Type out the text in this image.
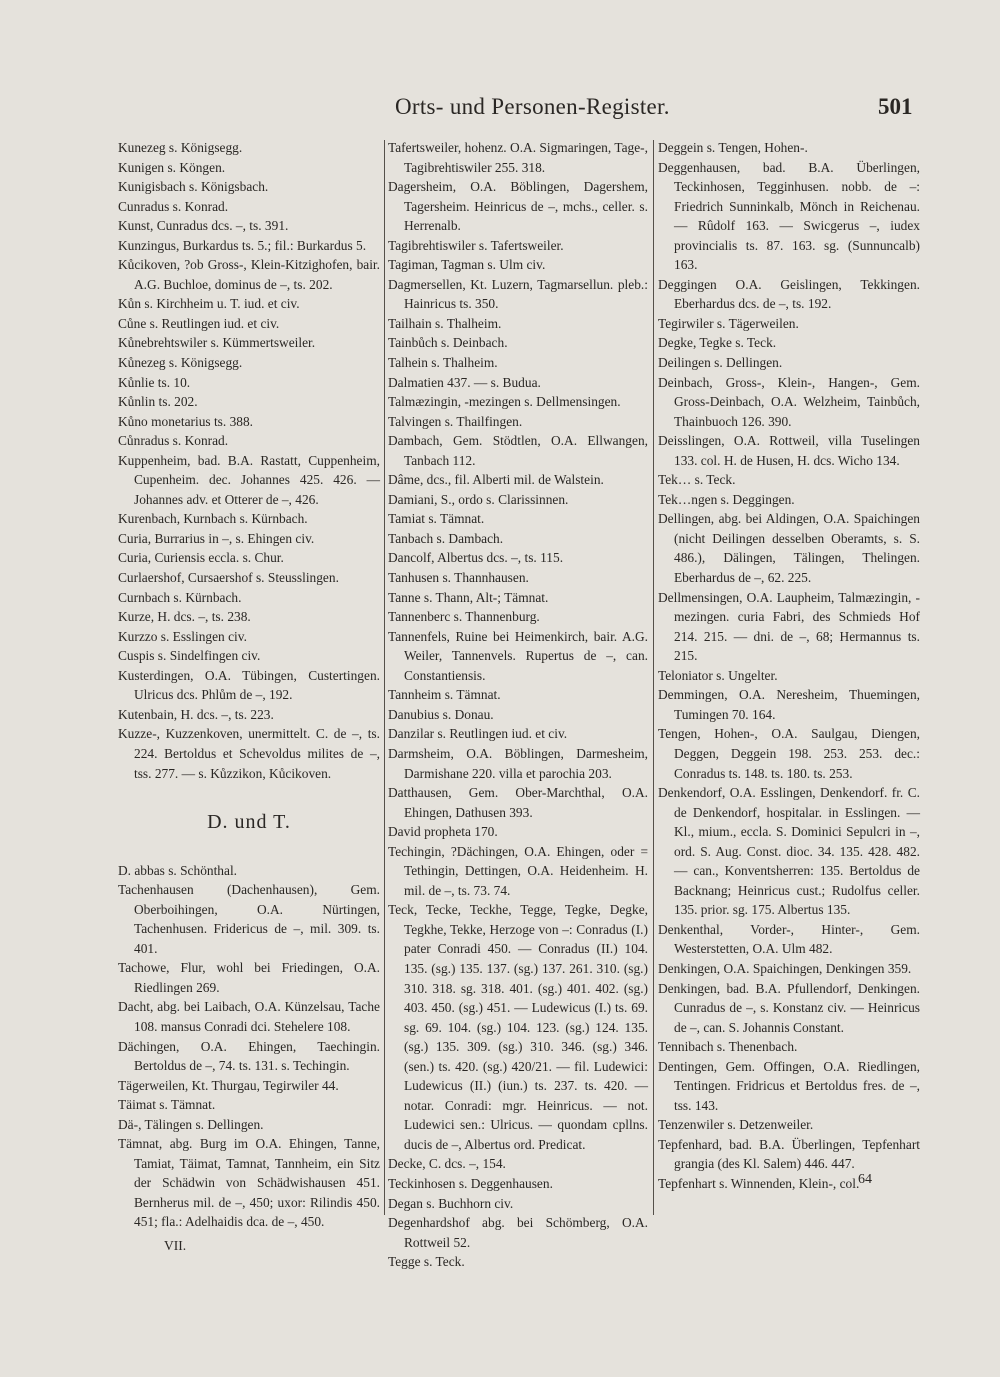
Orts- und Personen-Register.	501

Kunezeg s. Königsegg.

Kunigen s. Köngen.

Kunigisbach s. Königsbach.

Cunradus s. Konrad.

Kunst, Cunradus dcs. –, ts. 391.

Kunzingus, Burkardus ts. 5.; fil.: Burkardus 5.

Kůcikoven, ?ob Gross-, Klein-Kitzighofen, bair. A.G. Buchloe, dominus de –, ts. 202.

Kůn s. Kirchheim u. T. iud. et civ.

Cůne s. Reutlingen iud. et civ.

Kůnebrehtswiler s. Kümmertsweiler.

Kůnezeg s. Königsegg.

Kůnlie ts. 10.

Kůnlin ts. 202.

Kůno monetarius ts. 388.

Cůnradus s. Konrad.

Kuppenheim, bad. B.A. Rastatt, Cuppenheim, Cupenheim. dec. Johannes 425. 426. — Johannes adv. et Otterer de –, 426.

Kurenbach, Kurnbach s. Kürnbach.

Curia, Burrarius in –, s. Ehingen civ.

Curia, Curiensis eccla. s. Chur.

Curlaershof, Cursaershof s. Steusslingen.

Curnbach s. Kürnbach.

Kurze, H. dcs. –, ts. 238.

Kurzzo s. Esslingen civ.

Cuspis s. Sindelfingen civ.

Kusterdingen, O.A. Tübingen, Custertingen. Ulricus dcs. Phlům de –, 192.

Kutenbain, H. dcs. –, ts. 223.

Kuzze-, Kuzzenkoven, unermittelt. C. de –, ts. 224. Bertoldus et Schevoldus milites de –, tss. 277. — s. Kůzzikon, Kůcikoven.

D. und T.

D. abbas s. Schönthal.

Tachenhausen (Dachenhausen), Gem. Oberboihingen, O.A. Nürtingen, Tachenhusen. Fridericus de –, mil. 309. ts. 401.

Tachowe, Flur, wohl bei Friedingen, O.A. Riedlingen 269.

Dacht, abg. bei Laibach, O.A. Künzelsau, Tache 108. mansus Conradi dci. Stehelere 108.

Dächingen, O.A. Ehingen, Taechingin. Bertoldus de –, 74. ts. 131. s. Techingin.

Tägerweilen, Kt. Thurgau, Tegirwiler 44.

Täimat s. Tämnat.

Dä-, Tälingen s. Dellingen.

Tämnat, abg. Burg im O.A. Ehingen, Tanne, Tamiat, Täimat, Tamnat, Tannheim, ein Sitz der Schädwin von Schädwishausen 451. Bernherus mil. de –, 450; uxor: Rilindis 450. 451; fla.: Adelhaidis dca. de –, 450.

VII.

Tafertsweiler, hohenz. O.A. Sigmaringen, Tage-, Tagibrehtiswiler 255. 318.

Dagersheim, O.A. Böblingen, Dagershem, Tagersheim. Heinricus de –, mchs., celler. s. Herrenalb.

Tagibrehtiswiler s. Tafertsweiler.

Tagiman, Tagman s. Ulm civ.

Dagmersellen, Kt. Luzern, Tagmarsellun. pleb.: Hainricus ts. 350.

Tailhain s. Thalheim.

Tainbůch s. Deinbach.

Talhein s. Thalheim.

Dalmatien 437. — s. Budua.

Talmæzingin, -mezingen s. Dellmensingen.

Talvingen s. Thailfingen.

Dambach, Gem. Stödtlen, O.A. Ellwangen, Tanbach 112.

Dâme, dcs., fil. Alberti mil. de Walstein.

Damiani, S., ordo s. Clarissinnen.

Tamiat s. Tämnat.

Tanbach s. Dambach.

Dancolf, Albertus dcs. –, ts. 115.

Tanhusen s. Thannhausen.

Tanne s. Thann, Alt-; Tämnat.

Tannenberc s. Thannenburg.

Tannenfels, Ruine bei Heimenkirch, bair. A.G. Weiler, Tannenvels. Rupertus de –, can. Constantiensis.

Tannheim s. Tämnat.

Danubius s. Donau.

Danzilar s. Reutlingen iud. et civ.

Darmsheim, O.A. Böblingen, Darmesheim, Darmishane 220. villa et parochia 203.

Datthausen, Gem. Ober-Marchthal, O.A. Ehingen, Dathusen 393.

David propheta 170.

Techingin, ?Dächingen, O.A. Ehingen, oder = Tethingin, Dettingen, O.A. Heidenheim. H. mil. de –, ts. 73. 74.

Teck, Tecke, Teckhe, Tegge, Tegke, Degke, Tegkhe, Tekke, Herzoge von –: Conradus (I.) pater Conradi 450. — Conradus (II.) 104. 135. (sg.) 135. 137. (sg.) 137. 261. 310. (sg.) 310. 318. sg. 318. 401. (sg.) 401. 402. (sg.) 403. 450. (sg.) 451. — Ludewicus (I.) ts. 69. sg. 69. 104. (sg.) 104. 123. (sg.) 124. 135. (sg.) 135. 309. (sg.) 310. 346. (sg.) 346. (sen.) ts. 420. (sg.) 420/21. — fil. Ludewici: Ludewicus (II.) (iun.) ts. 237. ts. 420. — notar. Conradi: mgr. Heinricus. — not. Ludewici sen.: Ulricus. — quondam cpllns. ducis de –, Albertus ord. Predicat.

Decke, C. dcs. –, 154.

Teckinhosen s. Deggenhausen.

Degan s. Buchhorn civ.

Degenhardshof abg. bei Schömberg, O.A. Rottweil 52.

Tegge s. Teck.

Deggein s. Tengen, Hohen-.

Deggenhausen, bad. B.A. Überlingen, Teckinhosen, Tegginhusen. nobb. de –: Friedrich Sunninkalb, Mönch in Reichenau. — Rûdolf 163. — Swicgerus –, iudex provincialis ts. 87. 163. sg. (Sunnuncalb) 163.

Deggingen O.A. Geislingen, Tekkingen. Eberhardus dcs. de –, ts. 192.

Tegirwiler s. Tägerweilen.

Degke, Tegke s. Teck.

Deilingen s. Dellingen.

Deinbach, Gross-, Klein-, Hangen-, Gem. Gross-Deinbach, O.A. Welzheim, Tainbůch, Thainbuoch 126. 390.

Deisslingen, O.A. Rottweil, villa Tuselingen 133. col. H. de Husen, H. dcs. Wicho 134.

Tek… s. Teck.

Tek…ngen s. Deggingen.

Dellingen, abg. bei Aldingen, O.A. Spaichingen (nicht Deilingen desselben Oberamts, s. S. 486.), Dälingen, Tälingen, Thelingen. Eberhardus de –, 62. 225.

Dellmensingen, O.A. Laupheim, Talmæzingin, -mezingen. curia Fabri, des Schmieds Hof 214. 215. — dni. de –, 68; Hermannus ts. 215.

Teloniator s. Ungelter.

Demmingen, O.A. Neresheim, Thuemingen, Tumingen 70. 164.

Tengen, Hohen-, O.A. Saulgau, Diengen, Deggen, Deggein 198. 253. 253. dec.: Conradus ts. 148. ts. 180. ts. 253.

Denkendorf, O.A. Esslingen, Denkendorf. fr. C. de Denkendorf, hospitalar. in Esslingen. — Kl., mium., eccla. S. Dominici Sepulcri in –, ord. S. Aug. Const. dioc. 34. 135. 428. 482. — can., Konventsherren: 135. Bertoldus de Backnang; Heinricus cust.; Rudolfus celler. 135. prior. sg. 175. Albertus 135.

Denkenthal, Vorder-, Hinter-, Gem. Westerstetten, O.A. Ulm 482.

Denkingen, O.A. Spaichingen, Denkingen 359.

Denkingen, bad. B.A. Pfullendorf, Denkingen. Cunradus de –, s. Konstanz civ. — Heinricus de –, can. S. Johannis Constant.

Tennibach s. Thenenbach.

Dentingen, Gem. Offingen, O.A. Riedlingen, Tentingen. Fridricus et Bertoldus fres. de –, tss. 143.

Tenzenwiler s. Detzenweiler.

Tepfenhard, bad. B.A. Überlingen, Tepfenhart grangia (des Kl. Salem) 446. 447.

Tepfenhart s. Winnenden, Klein-, col.

64
